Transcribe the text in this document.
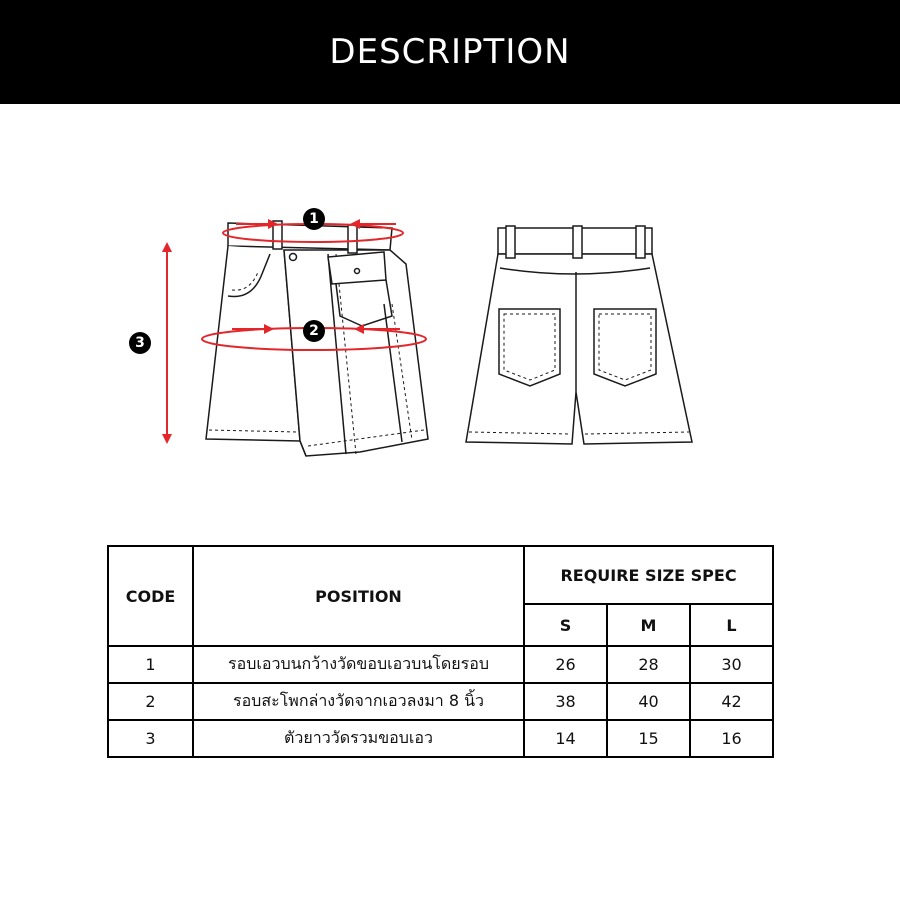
DESCRIPTION
1
2
3
CODE	POSITION	REQUIRE SIZE SPEC		
		S	M	L
1	รอบเอวบนกว้างวัดขอบเอวบนโดยรอบ	26	28	30
2	รอบสะโพกล่างวัดจากเอวลงมา 8 นิ้ว	38	40	42
3	ตัวยาววัดรวมขอบเอว	14	15	16
